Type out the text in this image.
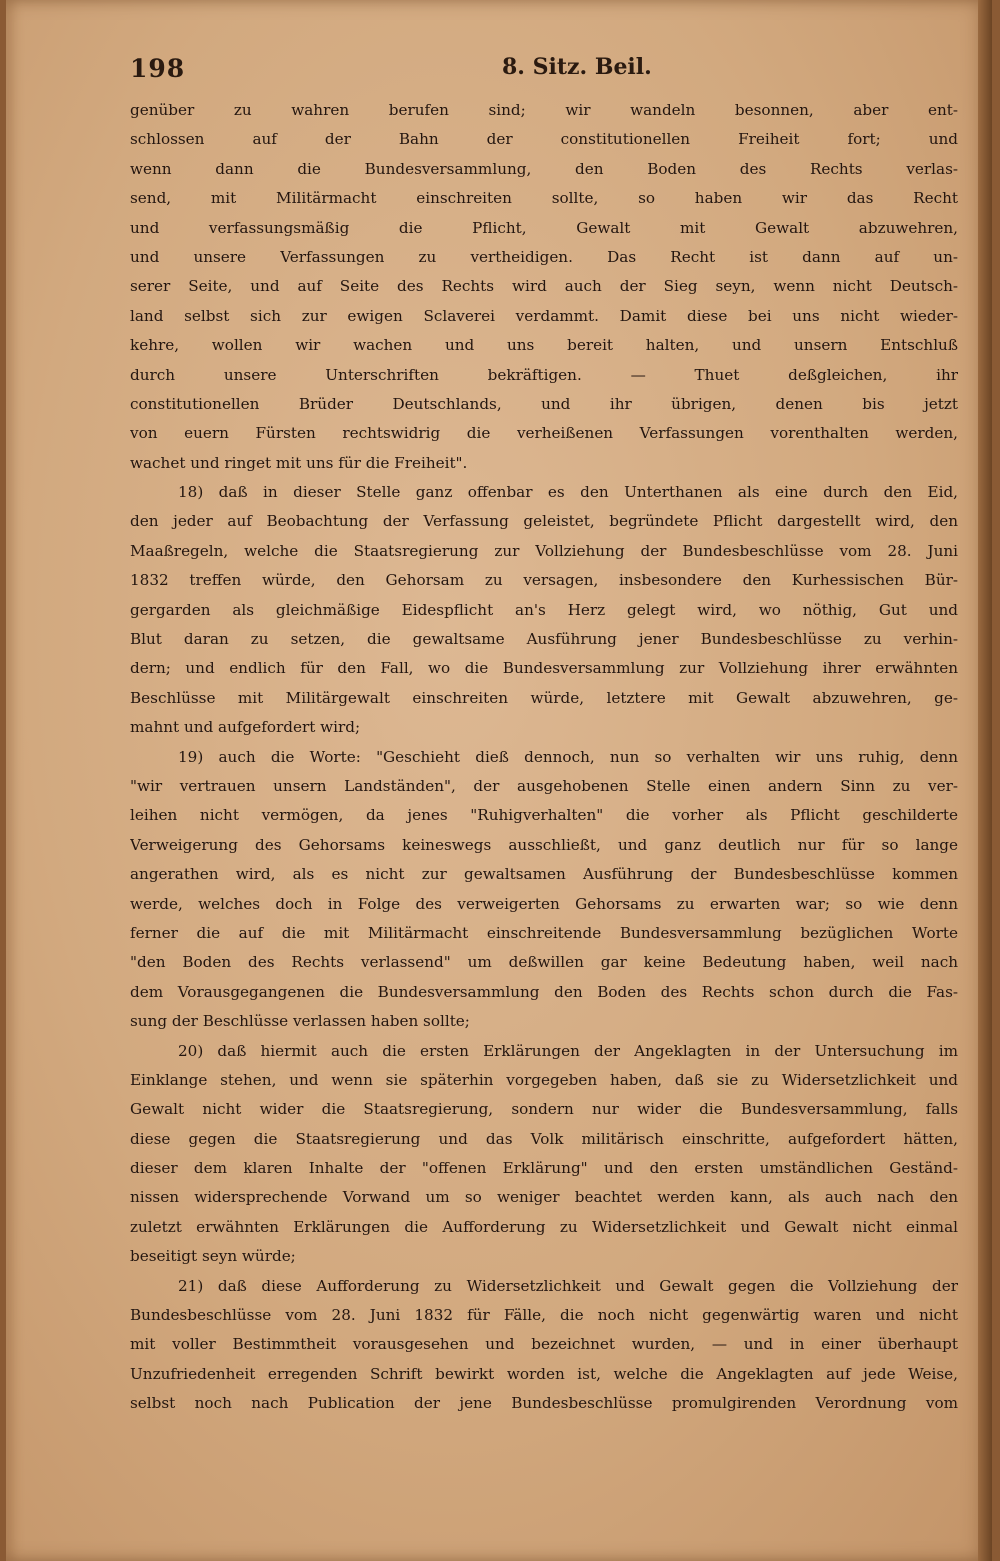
198	8. Sitz. Beil.
genüber zu wahren berufen sind; wir wandeln besonnen, aber ent-
schlossen auf der Bahn der constitutionellen Freiheit fort; und
wenn dann die Bundesversammlung, den Boden des Rechts verlas-
send, mit Militärmacht einschreiten sollte, so haben wir das Recht
und verfassungsmäßig die Pflicht, Gewalt mit Gewalt abzuwehren,
und unsere Verfassungen zu vertheidigen. Das Recht ist dann auf un-
serer Seite, und auf Seite des Rechts wird auch der Sieg seyn, wenn nicht Deutsch-
land selbst sich zur ewigen Sclaverei verdammt. Damit diese bei uns nicht wieder-
kehre, wollen wir wachen und uns bereit halten, und unsern Entschluß
durch unsere Unterschriften bekräftigen. — Thuet deßgleichen, ihr
constitutionellen Brüder Deutschlands, und ihr übrigen, denen bis jetzt
von euern Fürsten rechtswidrig die verheißenen Verfassungen vorenthalten werden,
wachet und ringet mit uns für die Freiheit".
18) daß in dieser Stelle ganz offenbar es den Unterthanen als eine durch den Eid,
den jeder auf Beobachtung der Verfassung geleistet, begründete Pflicht dargestellt wird, den
Maaßregeln, welche die Staatsregierung zur Vollziehung der Bundesbeschlüsse vom 28. Juni
1832 treffen würde, den Gehorsam zu versagen, insbesondere den Kurhessischen Bür-
gergarden als gleichmäßige Eidespflicht an's Herz gelegt wird, wo nöthig, Gut und
Blut daran zu setzen, die gewaltsame Ausführung jener Bundesbeschlüsse zu verhin-
dern; und endlich für den Fall, wo die Bundesversammlung zur Vollziehung ihrer erwähnten
Beschlüsse mit Militärgewalt einschreiten würde, letztere mit Gewalt abzuwehren, ge-
mahnt und aufgefordert wird;
19) auch die Worte: "Geschieht dieß dennoch, nun so verhalten wir uns ruhig, denn
"wir vertrauen unsern Landständen", der ausgehobenen Stelle einen andern Sinn zu ver-
leihen nicht vermögen, da jenes "Ruhigverhalten" die vorher als Pflicht geschilderte
Verweigerung des Gehorsams keineswegs ausschließt, und ganz deutlich nur für so lange
angerathen wird, als es nicht zur gewaltsamen Ausführung der Bundesbeschlüsse kommen
werde, welches doch in Folge des verweigerten Gehorsams zu erwarten war; so wie denn
ferner die auf die mit Militärmacht einschreitende Bundesversammlung bezüglichen Worte
"den Boden des Rechts verlassend" um deßwillen gar keine Bedeutung haben, weil nach
dem Vorausgegangenen die Bundesversammlung den Boden des Rechts schon durch die Fas-
sung der Beschlüsse verlassen haben sollte;
20) daß hiermit auch die ersten Erklärungen der Angeklagten in der Untersuchung im
Einklange stehen, und wenn sie späterhin vorgegeben haben, daß sie zu Widersetzlichkeit und
Gewalt nicht wider die Staatsregierung, sondern nur wider die Bundesversammlung, falls
diese gegen die Staatsregierung und das Volk militärisch einschritte, aufgefordert hätten,
dieser dem klaren Inhalte der "offenen Erklärung" und den ersten umständlichen Geständ-
nissen widersprechende Vorwand um so weniger beachtet werden kann, als auch nach den
zuletzt erwähnten Erklärungen die Aufforderung zu Widersetzlichkeit und Gewalt nicht einmal
beseitigt seyn würde;
21) daß diese Aufforderung zu Widersetzlichkeit und Gewalt gegen die Vollziehung der
Bundesbeschlüsse vom 28. Juni 1832 für Fälle, die noch nicht gegenwärtig waren und nicht
mit voller Bestimmtheit vorausgesehen und bezeichnet wurden, — und in einer überhaupt
Unzufriedenheit erregenden Schrift bewirkt worden ist, welche die Angeklagten auf jede Weise,
selbst noch nach Publication der jene Bundesbeschlüsse promulgirenden Verordnung vom
